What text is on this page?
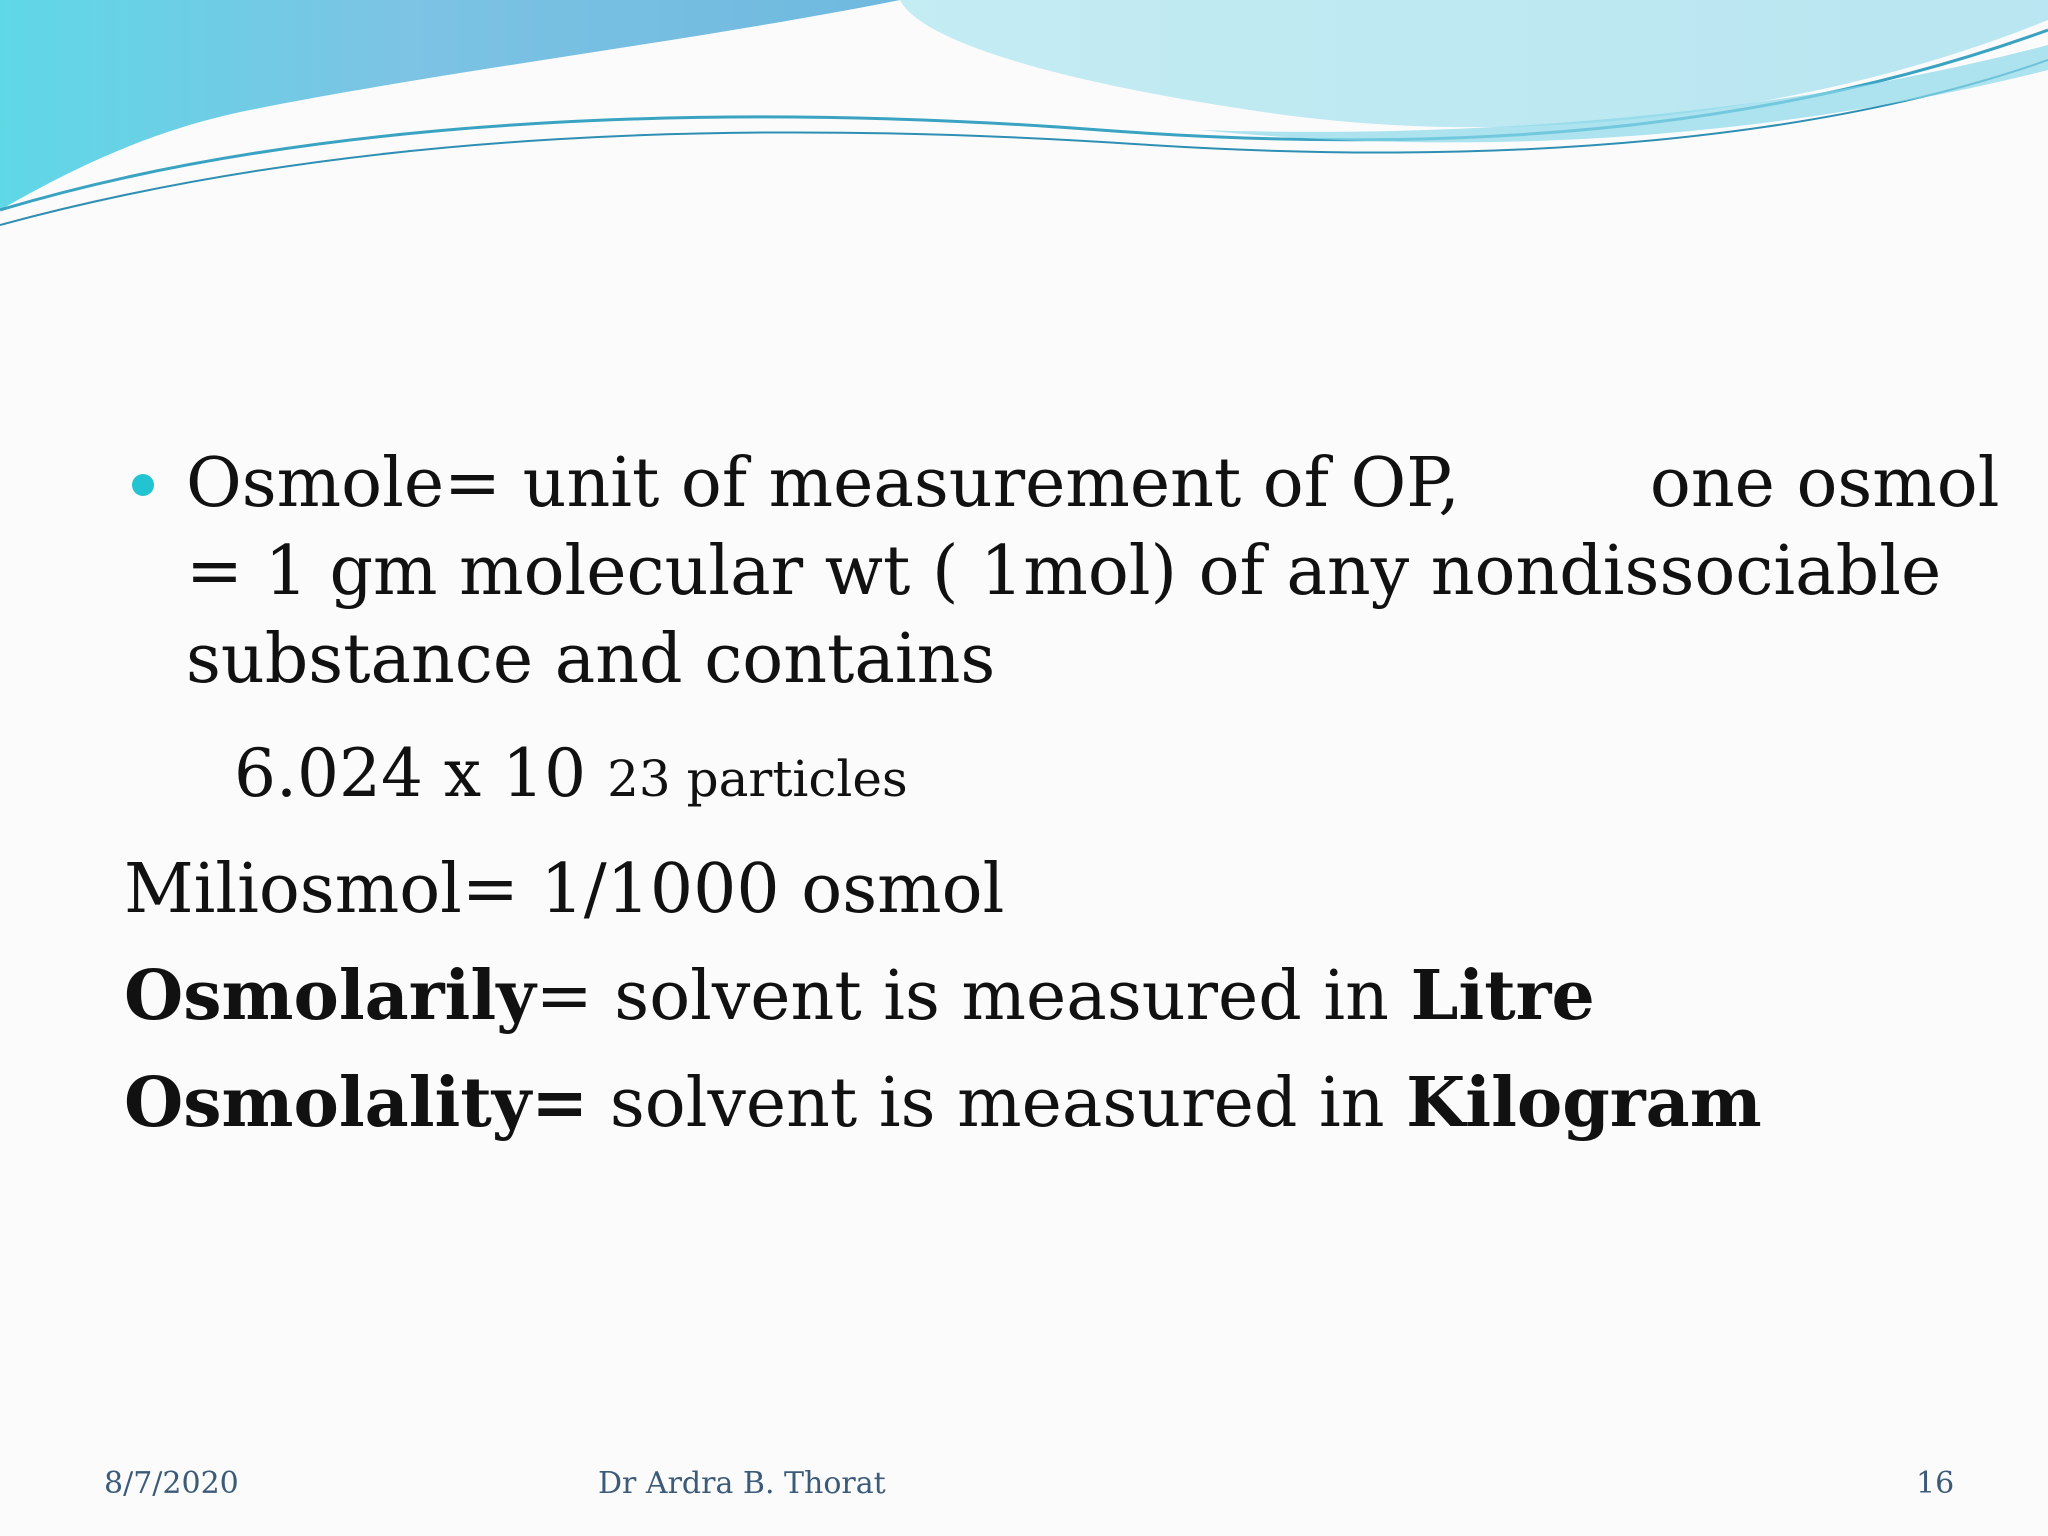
Osmole= unit of measurement of OP,	one osmol
= 1 gm molecular wt ( 1mol) of any nondissociable
substance and contains
6.024 x 10 23 particles
Miliosmol= 1/1000 osmol
Osmolarily= solvent is measured in Litre
Osmolality= solvent is measured in Kilogram
8/7/2020	Dr Ardra B. Thorat	16
